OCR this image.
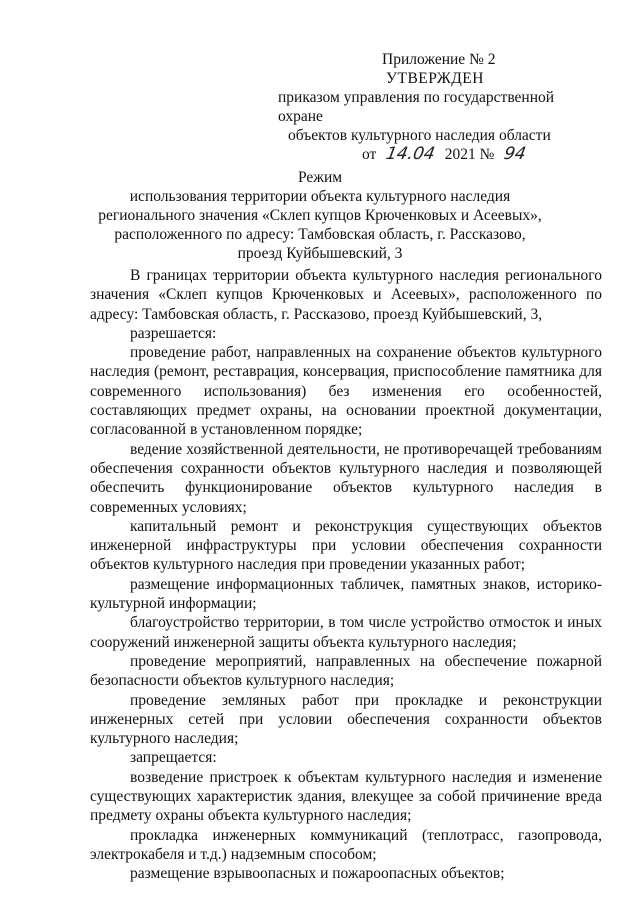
Приложение № 2
УТВЕРЖДЕН
приказом управления по государственной охране
объектов культурного наследия области
от 14.04 2021 № 94
Режим
использования территории объекта культурного наследия
регионального значения «Склеп купцов Крюченковых и Асеевых»,
расположенного по адресу: Тамбовская область, г. Рассказово,
проезд Куйбышевский, 3

В границах территории объекта культурного наследия регионального значения «Склеп купцов Крюченковых и Асеевых», расположенного по адресу: Тамбовская область, г. Рассказово, проезд Куйбышевский, 3,

разрешается:

проведение работ, направленных на сохранение объектов культурного наследия (ремонт, реставрация, консервация, приспособление памятника для современного использования) без изменения его особенностей, составляющих предмет охраны, на основании проектной документации, согласованной в установленном порядке;

ведение хозяйственной деятельности, не противоречащей требованиям обеспечения сохранности объектов культурного наследия и позволяющей обеспечить функционирование объектов культурного наследия в современных условиях;

капитальный ремонт и реконструкция существующих объектов инженерной инфраструктуры при условии обеспечения сохранности объектов культурного наследия при проведении указанных работ;

размещение информационных табличек, памятных знаков, историко-культурной информации;

благоустройство территории, в том числе устройство отмосток и иных сооружений инженерной защиты объекта культурного наследия;

проведение мероприятий, направленных на обеспечение пожарной безопасности объектов культурного наследия;

проведение земляных работ при прокладке и реконструкции инженерных сетей при условии обеспечения сохранности объектов культурного наследия;

запрещается:

возведение пристроек к объектам культурного наследия и изменение существующих характеристик здания, влекущее за собой причинение вреда предмету охраны объекта культурного наследия;

прокладка инженерных коммуникаций (теплотрасс, газопровода, электрокабеля и т.д.) надземным способом;

размещение взрывоопасных и пожароопасных объектов;
